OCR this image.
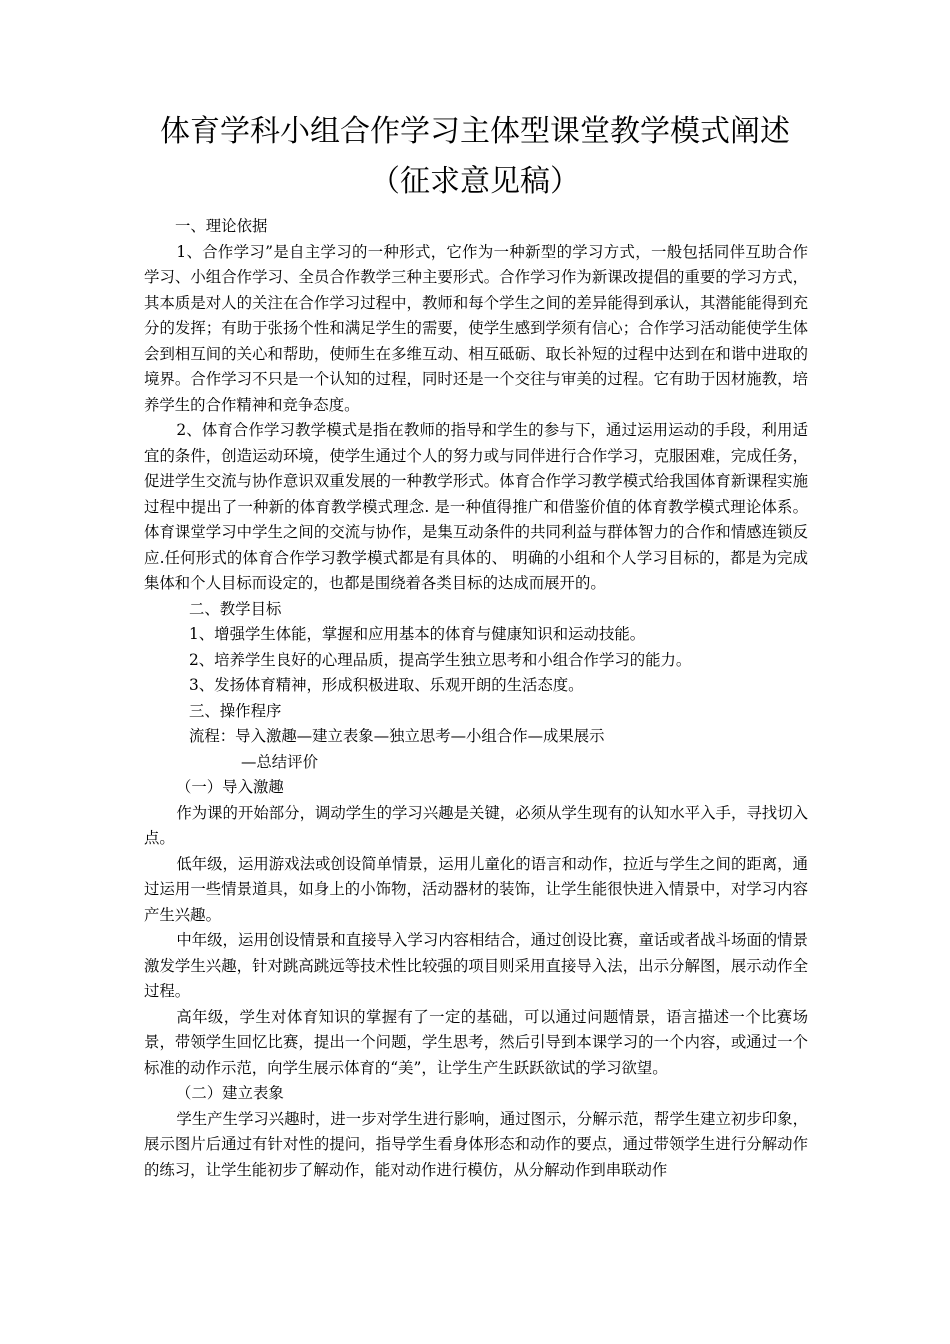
体育学科小组合作学习主体型课堂教学模式阐述
（征求意见稿）

一、理论依据

1、合作学习”是自主学习的一种形式，它作为一种新型的学习方式，一般包括同伴互助合作学习、小组合作学习、全员合作教学三种主要形式。合作学习作为新课改提倡的重要的学习方式，其本质是对人的关注在合作学习过程中，教师和每个学生之间的差异能得到承认，其潜能能得到充分的发挥；有助于张扬个性和满足学生的需要，使学生感到学须有信心；合作学习活动能使学生体会到相互间的关心和帮助，使师生在多维互动、相互砥砺、取长补短的过程中达到在和谐中进取的境界。合作学习不只是一个认知的过程，同时还是一个交往与审美的过程。它有助于因材施教，培养学生的合作精神和竞争态度。

2、体育合作学习教学模式是指在教师的指导和学生的参与下，通过运用运动的手段，利用适宜的条件，创造运动环境，使学生通过个人的努力或与同伴进行合作学习，克服困难，完成任务，促进学生交流与协作意识双重发展的一种教学形式。体育合作学习教学模式给我国体育新课程实施过程中提出了一种新的体育教学模式理念. 是一种值得推广和借鉴价值的体育教学模式理论体系。体育课堂学习中学生之间的交流与协作，是集互动条件的共同利益与群体智力的合作和情感连锁反应.任何形式的体育合作学习教学模式都是有具体的、 明确的小组和个人学习目标的，都是为完成集体和个人目标而设定的，也都是围绕着各类目标的达成而展开的。

二、教学目标

1、增强学生体能，掌握和应用基本的体育与健康知识和运动技能。

2、培养学生良好的心理品质，提高学生独立思考和小组合作学习的能力。

3、发扬体育精神，形成积极进取、乐观开朗的生活态度。

三、操作程序

流程：导入激趣—建立表象—独立思考—小组合作—成果展示

—总结评价

（一）导入激趣

作为课的开始部分，调动学生的学习兴趣是关键，必须从学生现有的认知水平入手，寻找切入点。

低年级，运用游戏法或创设简单情景，运用儿童化的语言和动作，拉近与学生之间的距离，通过运用一些情景道具，如身上的小饰物，活动器材的装饰，让学生能很快进入情景中，对学习内容产生兴趣。

中年级，运用创设情景和直接导入学习内容相结合，通过创设比赛，童话或者战斗场面的情景激发学生兴趣，针对跳高跳远等技术性比较强的项目则采用直接导入法，出示分解图，展示动作全过程。

高年级，学生对体育知识的掌握有了一定的基础，可以通过问题情景，语言描述一个比赛场景，带领学生回忆比赛，提出一个问题，学生思考，然后引导到本课学习的一个内容，或通过一个标准的动作示范，向学生展示体育的“美”，让学生产生跃跃欲试的学习欲望。

（二）建立表象

学生产生学习兴趣时，进一步对学生进行影响，通过图示，分解示范，帮学生建立初步印象，展示图片后通过有针对性的提问，指导学生看身体形态和动作的要点，通过带领学生进行分解动作的练习，让学生能初步了解动作，能对动作进行模仿，从分解动作到串联动作
